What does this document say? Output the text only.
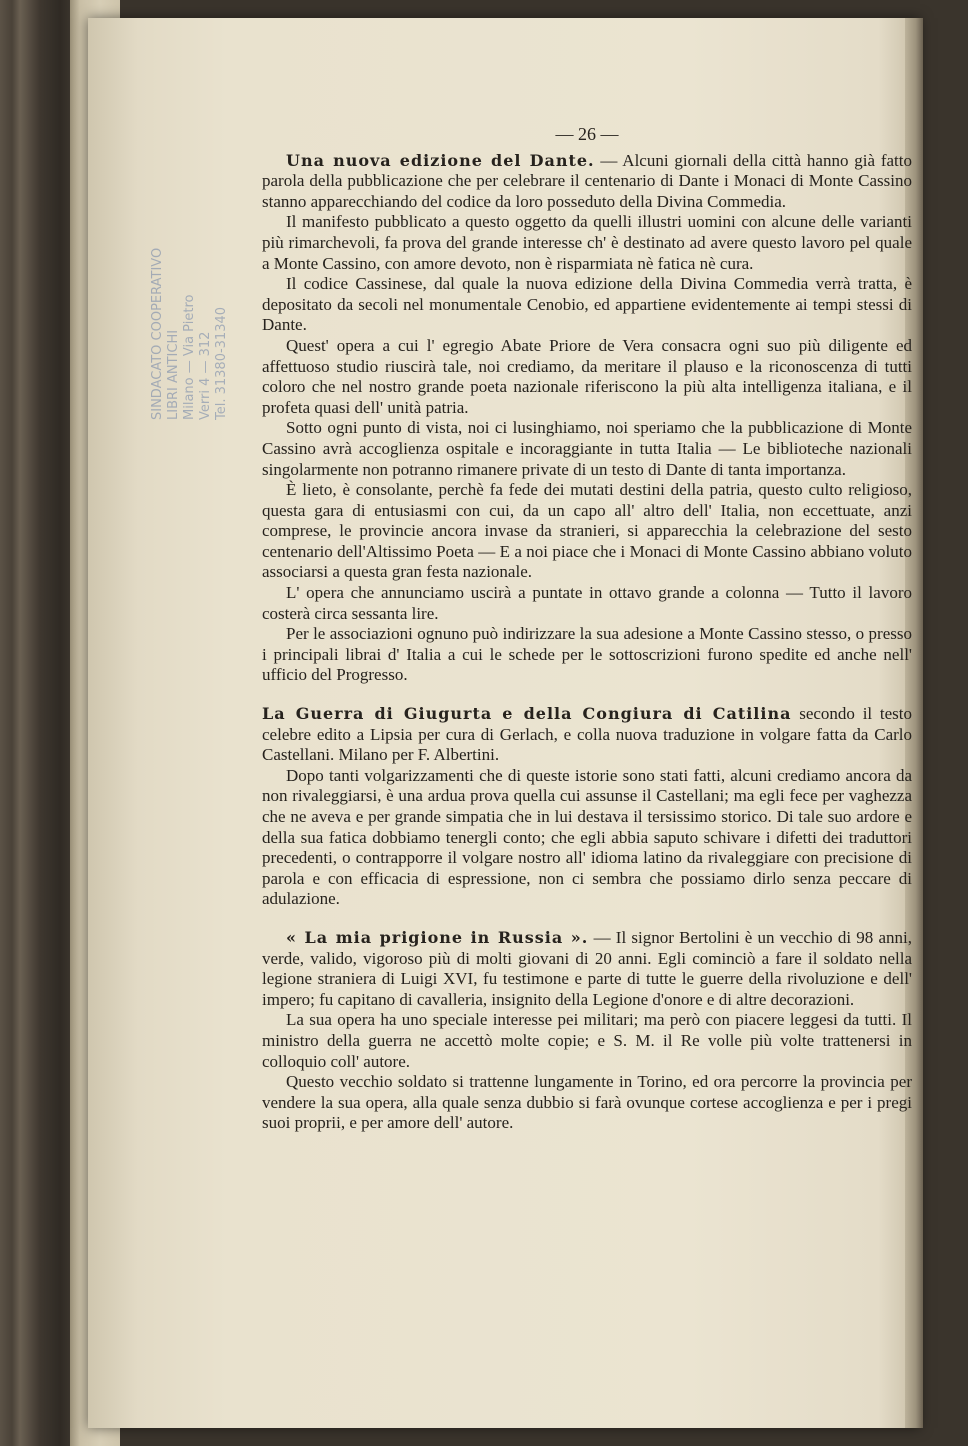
SINDACATO COOPERATIVO LIBRI ANTICHI Milano — Via Pietro Verri 4 — 312 Tel. 31380-31340
— 26 —

Una nuova edizione del Dante. — Alcuni giornali della città hanno già fatto parola della pubblicazione che per celebrare il centenario di Dante i Monaci di Monte Cassino stanno apparecchiando del codice da loro posseduto della Divina Commedia.

Il manifesto pubblicato a questo oggetto da quelli illustri uomini con alcune delle varianti più rimarchevoli, fa prova del grande interesse ch' è destinato ad avere questo lavoro pel quale a Monte Cassino, con amore devoto, non è risparmiata nè fatica nè cura.

Il codice Cassinese, dal quale la nuova edizione della Divina Commedia verrà tratta, è depositato da secoli nel monumentale Cenobio, ed appartiene evidentemente ai tempi stessi di Dante.

Quest' opera a cui l' egregio Abate Priore de Vera consacra ogni suo più diligente ed affettuoso studio riuscirà tale, noi crediamo, da meritare il plauso e la riconoscenza di tutti coloro che nel nostro grande poeta nazionale riferiscono la più alta intelligenza italiana, e il profeta quasi dell' unità patria.

Sotto ogni punto di vista, noi ci lusinghiamo, noi speriamo che la pubblicazione di Monte Cassino avrà accoglienza ospitale e incoraggiante in tutta Italia — Le biblioteche nazionali singolarmente non potranno rimanere private di un testo di Dante di tanta importanza.

È lieto, è consolante, perchè fa fede dei mutati destini della patria, questo culto religioso, questa gara di entusiasmi con cui, da un capo all' altro dell' Italia, non eccettuate, anzi comprese, le provincie ancora invase da stranieri, si apparecchia la celebrazione del sesto centenario dell'Altissimo Poeta — E a noi piace che i Monaci di Monte Cassino abbiano voluto associarsi a questa gran festa nazionale.

L' opera che annunciamo uscirà a puntate in ottavo grande a colonna — Tutto il lavoro costerà circa sessanta lire.

Per le associazioni ognuno può indirizzare la sua adesione a Monte Cassino stesso, o presso i principali librai d' Italia a cui le schede per le sottoscrizioni furono spedite ed anche nell' ufficio del Progresso.

La Guerra di Giugurta e della Congiura di Catilina secondo il testo celebre edito a Lipsia per cura di Gerlach, e colla nuova traduzione in volgare fatta da Carlo Castellani. Milano per F. Albertini.

Dopo tanti volgarizzamenti che di queste istorie sono stati fatti, alcuni crediamo ancora da non rivaleggiarsi, è una ardua prova quella cui assunse il Castellani; ma egli fece per vaghezza che ne aveva e per grande simpatia che in lui destava il tersissimo storico. Di tale suo ardore e della sua fatica dobbiamo tenergli conto; che egli abbia saputo schivare i difetti dei traduttori precedenti, o contrapporre il volgare nostro all' idioma latino da rivaleggiare con precisione di parola e con efficacia di espressione, non ci sembra che possiamo dirlo senza peccare di adulazione.

« La mia prigione in Russia ». — Il signor Bertolini è un vecchio di 98 anni, verde, valido, vigoroso più di molti giovani di 20 anni. Egli cominciò a fare il soldato nella legione straniera di Luigi XVI, fu testimone e parte di tutte le guerre della rivoluzione e dell' impero; fu capitano di cavalleria, insignito della Legione d'onore e di altre decorazioni.

La sua opera ha uno speciale interesse pei militari; ma però con piacere leggesi da tutti. Il ministro della guerra ne accettò molte copie; e S. M. il Re volle più volte trattenersi in colloquio coll' autore.

Questo vecchio soldato si trattenne lungamente in Torino, ed ora percorre la provincia per vendere la sua opera, alla quale senza dubbio si farà ovunque cortese accoglienza e per i pregi suoi proprii, e per amore dell' autore.
